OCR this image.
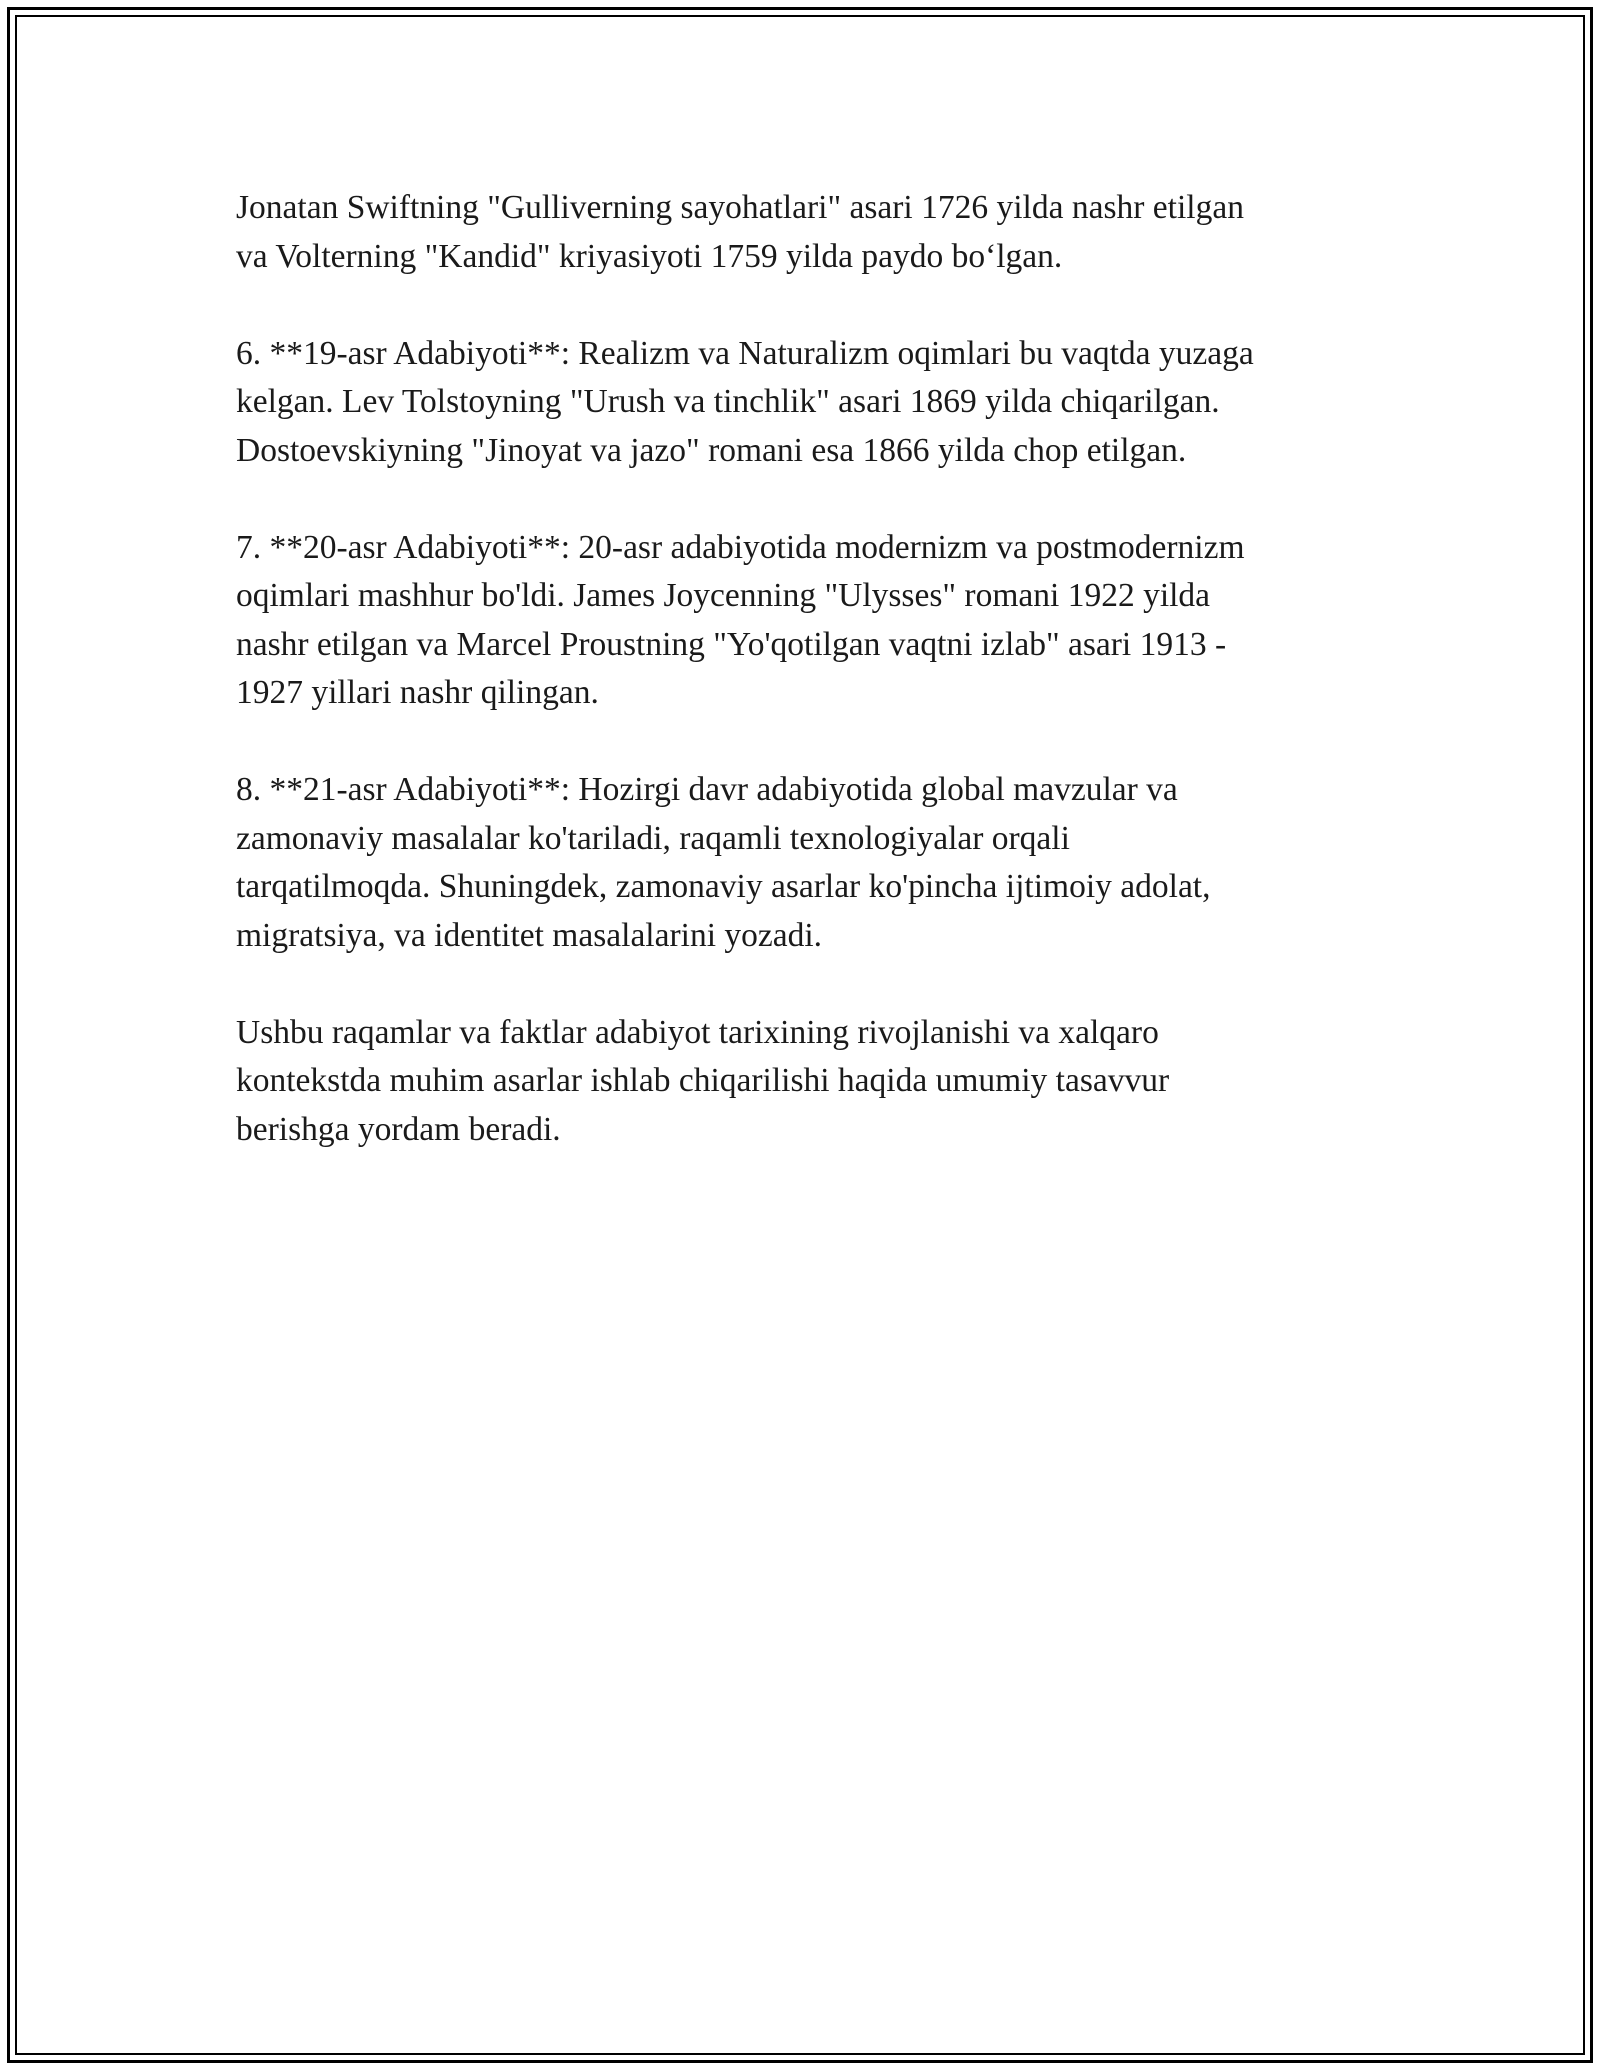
Jonatan Swiftning "Gulliverning sayohatlari" asari 1726 yilda nashr etilgan
va Volterning "Kandid" kriyasiyoti 1759 yilda paydo bo‘lgan.

6. **19-asr Adabiyoti**: Realizm va Naturalizm oqimlari bu vaqtda yuzaga
kelgan. Lev Tolstoyning "Urush va tinchlik" asari 1869 yilda chiqarilgan.
Dostoevskiyning "Jinoyat va jazo" romani esa 1866 yilda chop etilgan.

7. **20-asr Adabiyoti**: 20-asr adabiyotida modernizm va postmodernizm
oqimlari mashhur bo'ldi. James Joycenning "Ulysses" romani 1922 yilda
nashr etilgan va Marcel Proustning "Yo'qotilgan vaqtni izlab" asari 1913 -
1927 yillari nashr qilingan.

8. **21-asr Adabiyoti**: Hozirgi davr adabiyotida global mavzular va
zamonaviy masalalar ko'tariladi, raqamli texnologiyalar orqali
tarqatilmoqda. Shuningdek, zamonaviy asarlar ko'pincha ijtimoiy adolat,
migratsiya, va identitet masalalarini yozadi.

Ushbu raqamlar va faktlar adabiyot tarixining rivojlanishi va xalqaro
kontekstda muhim asarlar ishlab chiqarilishi haqida umumiy tasavvur
berishga yordam beradi.
